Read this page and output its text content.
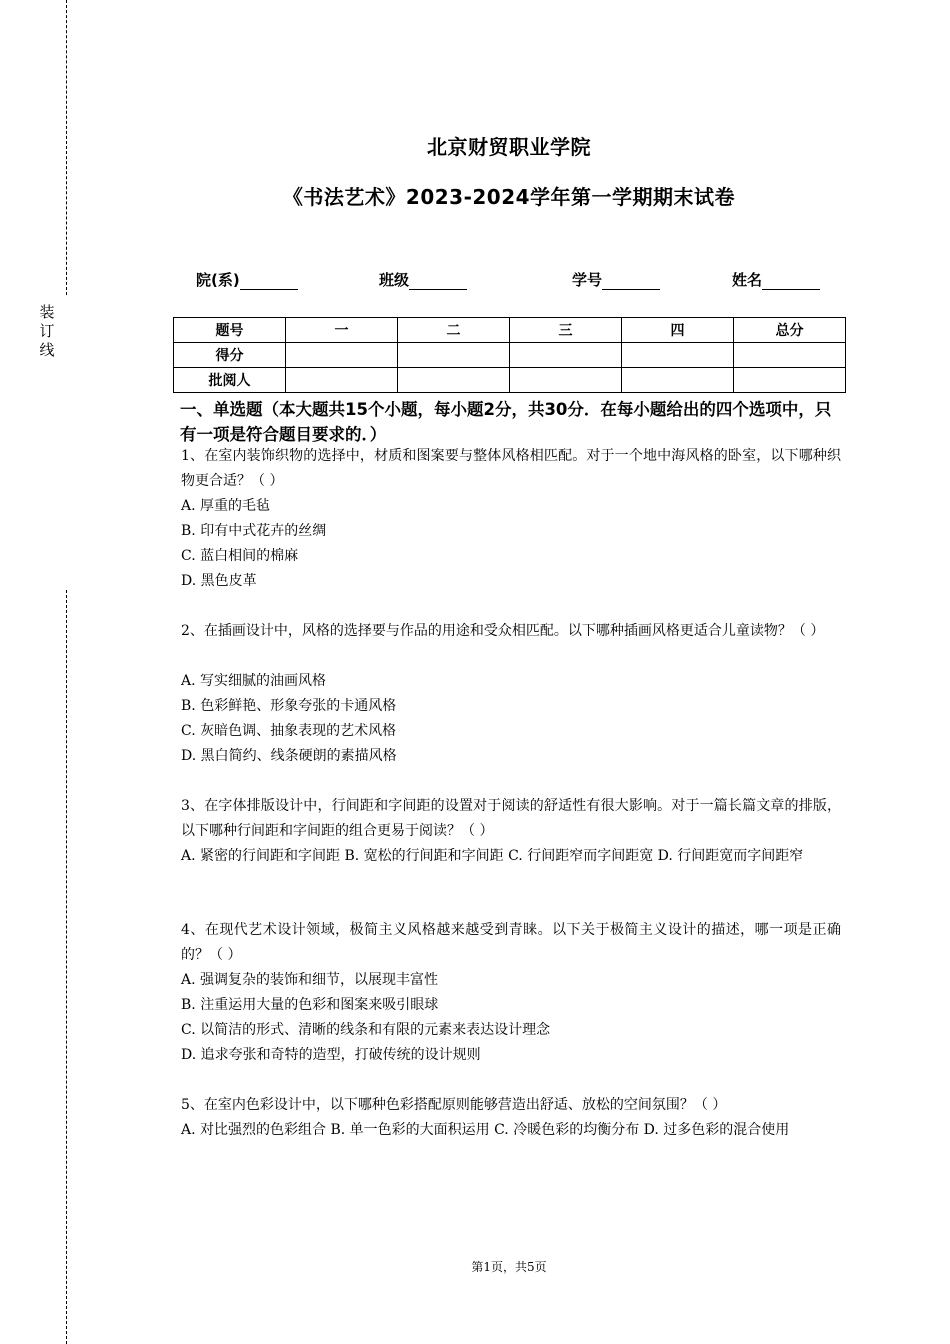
装订线
北京财贸职业学院
《书法艺术》2023-2024学年第一学期期末试卷
院(系)	班级	学号	姓名
题号	一	二	三	四	总分
得分					
批阅人					
一、单选题（本大题共15个小题，每小题2分，共30分．在每小题给出的四个选项中，只有一项是符合题目要求的．）
1、在室内装饰织物的选择中，材质和图案要与整体风格相匹配。对于一个地中海风格的卧室，以下哪种织物更合适？（ ）
A. 厚重的毛毡
B. 印有中式花卉的丝绸
C. 蓝白相间的棉麻
D. 黑色皮革
2、在插画设计中，风格的选择要与作品的用途和受众相匹配。以下哪种插画风格更适合儿童读物？（ ）
A. 写实细腻的油画风格
B. 色彩鲜艳、形象夸张的卡通风格
C. 灰暗色调、抽象表现的艺术风格
D. 黑白简约、线条硬朗的素描风格
3、在字体排版设计中，行间距和字间距的设置对于阅读的舒适性有很大影响。对于一篇长篇文章的排版，以下哪种行间距和字间距的组合更易于阅读？（ ）
A. 紧密的行间距和字间距 B. 宽松的行间距和字间距 C. 行间距窄而字间距宽 D. 行间距宽而字间距窄
4、在现代艺术设计领域，极简主义风格越来越受到青睐。以下关于极简主义设计的描述，哪一项是正确的？（ ）
A. 强调复杂的装饰和细节，以展现丰富性
B. 注重运用大量的色彩和图案来吸引眼球
C. 以简洁的形式、清晰的线条和有限的元素来表达设计理念
D. 追求夸张和奇特的造型，打破传统的设计规则
5、在室内色彩设计中，以下哪种色彩搭配原则能够营造出舒适、放松的空间氛围？（ ）
A. 对比强烈的色彩组合 B. 单一色彩的大面积运用 C. 冷暖色彩的均衡分布 D. 过多色彩的混合使用
第1页，共5页
